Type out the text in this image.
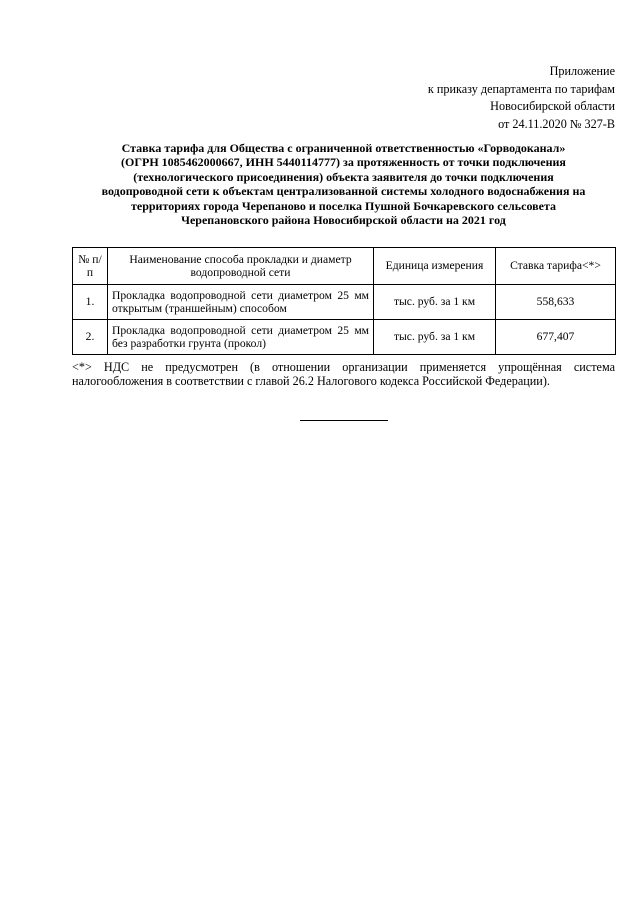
Приложение
к приказу департамента по тарифам
Новосибирской области
от 24.11.2020 № 327-В
Ставка тарифа для Общества с ограниченной ответственностью «Горводоканал»
(ОГРН 1085462000667, ИНН 5440114777) за протяженность от точки подключения
(технологического присоединения) объекта заявителя до точки подключения
водопроводной сети к объектам централизованной системы холодного водоснабжения на
территориях города Черепаново и поселка Пушной Бочкаревского сельсовета
Черепановского района Новосибирской области на 2021 год
№ п/п	Наименование способа прокладки и диаметр водопроводной сети	Единица измерения	Ставка тарифа<*>
1.	Прокладка водопроводной сети диаметром 25 мм открытым (траншейным) способом	тыс. руб. за 1 км	558,633
2.	Прокладка водопроводной сети диаметром 25 мм без разработки грунта (прокол)	тыс. руб. за 1 км	677,407
<*> НДС не предусмотрен (в отношении организации применяется упрощённая система налогообложения в соответствии с главой 26.2 Налогового кодекса Российской Федерации).
